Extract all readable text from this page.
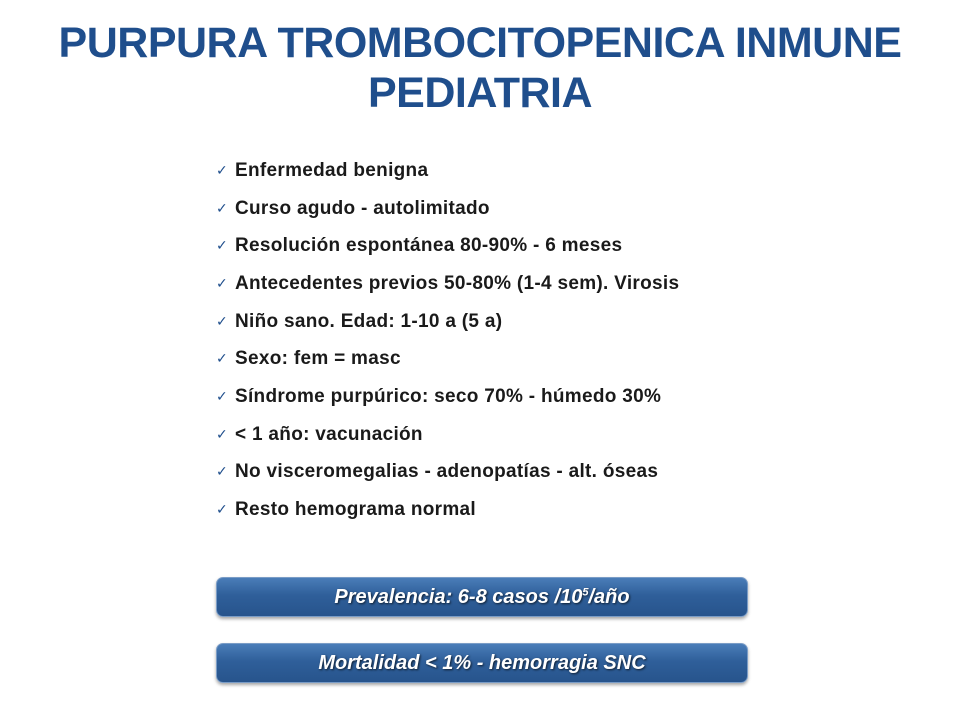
PURPURA TROMBOCITOPENICA INMUNE
PEDIATRIA
✓ Enfermedad benigna
✓ Curso agudo - autolimitado
✓ Resolución espontánea 80-90% - 6 meses
✓ Antecedentes previos 50-80% (1-4 sem). Virosis
✓ Niño sano. Edad: 1-10 a (5 a)
✓ Sexo: fem = masc
✓ Síndrome purpúrico: seco 70% - húmedo 30%
✓ < 1 año: vacunación
✓ No visceromegalias - adenopatías - alt. óseas
✓ Resto hemograma normal
Prevalencia: 6-8 casos $/10^5$/año
Mortalidad < 1% - hemorragia SNC
